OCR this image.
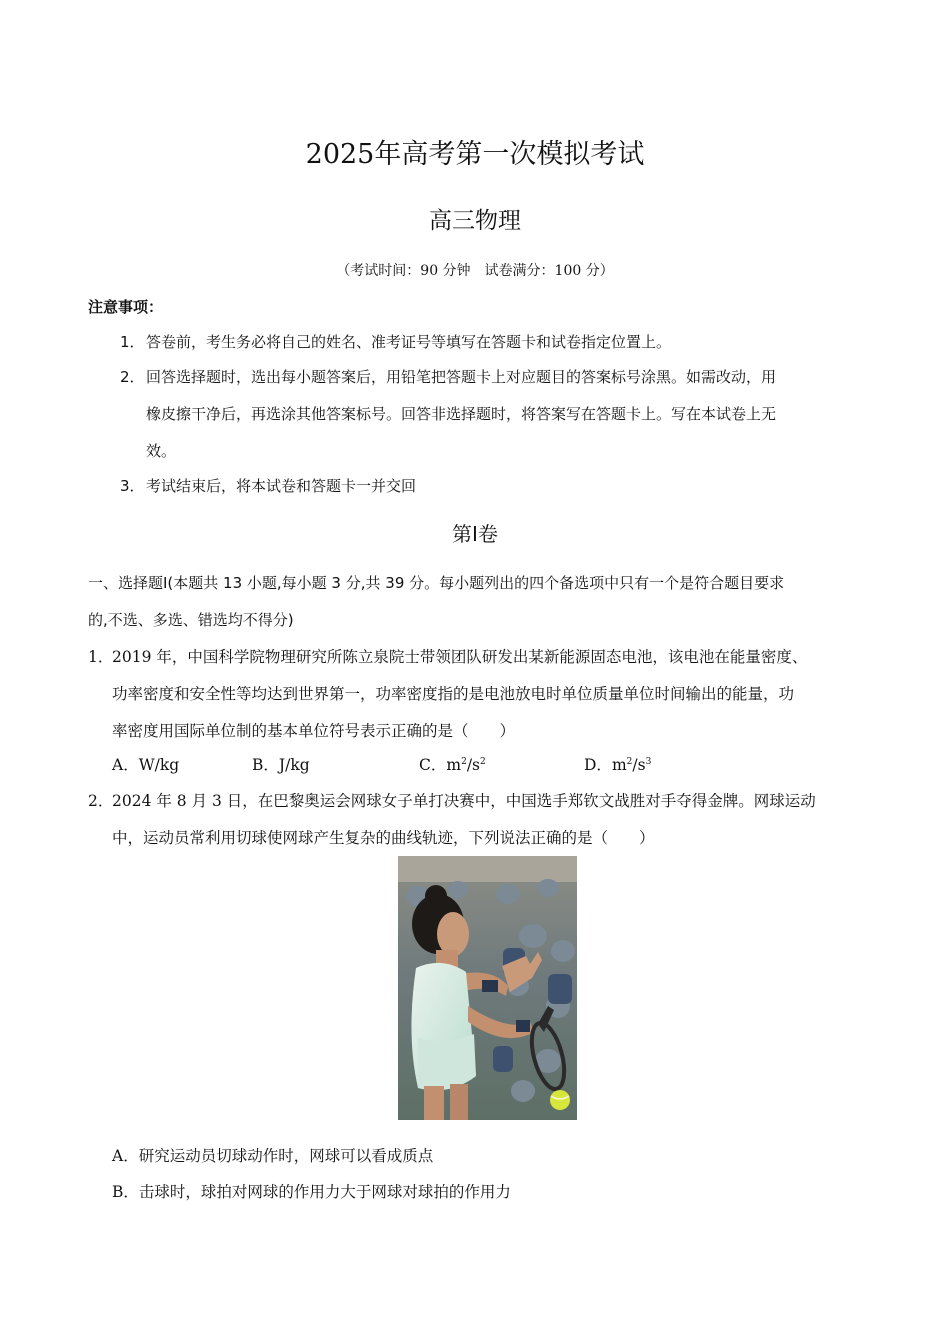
2025年高考第一次模拟考试
高三物理
（考试时间：90 分钟　试卷满分：100 分）
注意事项：
1． 答卷前，考生务必将自己的姓名、准考证号等填写在答题卡和试卷指定位置上。
2． 回答选择题时，选出每小题答案后，用铅笔把答题卡上对应题目的答案标号涂黑。如需改动，用
橡皮擦干净后，再选涂其他答案标号。回答非选择题时，将答案写在答题卡上。写在本试卷上无
效。
3． 考试结束后，将本试卷和答题卡一并交回
第Ⅰ卷
一、选择题Ⅰ(本题共 13 小题,每小题 3 分,共 39 分。每小题列出的四个备选项中只有一个是符合题目要求
的,不选、多选、错选均不得分)
1．
2019 年，中国科学院物理研究所陈立泉院士带领团队研发出某新能源固态电池，该电池在能量密度、
功率密度和安全性等均达到世界第一，功率密度指的是电池放电时单位质量单位时间输出的能量，功
率密度用国际单位制的基本单位符号表示正确的是（　　）
A．W/kg	B．J/kg	C．$m^2/s^2$	D．$m^2/s^3$
2．
2024 年 8 月 3 日，在巴黎奥运会网球女子单打决赛中，中国选手郑钦文战胜对手夺得金牌。网球运动
中，运动员常利用切球使网球产生复杂的曲线轨迹，下列说法正确的是（　　）
A．研究运动员切球动作时，网球可以看成质点
B．击球时，球拍对网球的作用力大于网球对球拍的作用力
